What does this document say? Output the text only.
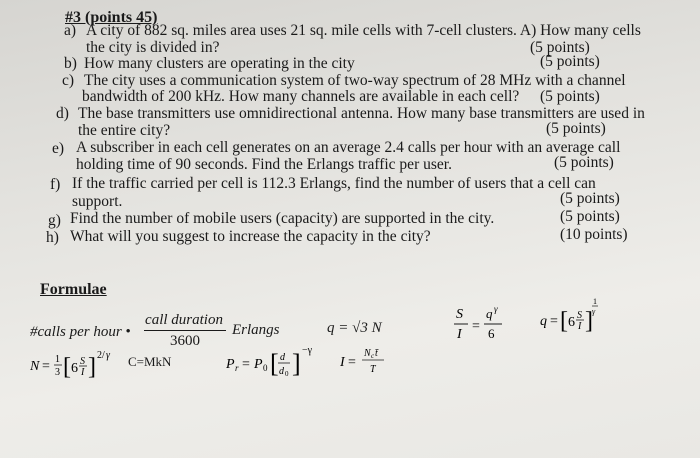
#3 (points 45)
a) A city of 882 sq. miles area uses 21 sq. mile cells with 7-cell clusters. A) How many cells
the city is divided in?	(5 points)
b) How many clusters are operating in the city	(5 points)
c) The city uses a communication system of two-way spectrum of 28 MHz with a channel
bandwidth of 200 kHz. How many channels are available in each cell? (5 points)
d) The base transmitters use omnidirectional antenna. How many base transmitters are used in
the entire city?	(5 points)
e) A subscriber in each cell generates on an average 2.4 calls per hour with an average call
holding time of 90 seconds. Find the Erlangs traffic per user.	(5 points)
f) If the traffic carried per cell is 112.3 Erlangs, find the number of users that a cell can
support.	(5 points)
g) Find the number of mobile users (capacity) are supported in the city.	(5 points)
h) What will you suggest to increase the capacity in the city?	(10 points)
Formulae
#calls per hour •
call duration
3600
Erlangs	q = √3 N
S
I
=
q γ
6
q = [ 6 S
I ]
1
γ
N = 1
3 [ 6 S
I ] 2/ γ C=MkN	P r = P 0 [ d
d 0 ] −γ
I =
N c t̄
T
